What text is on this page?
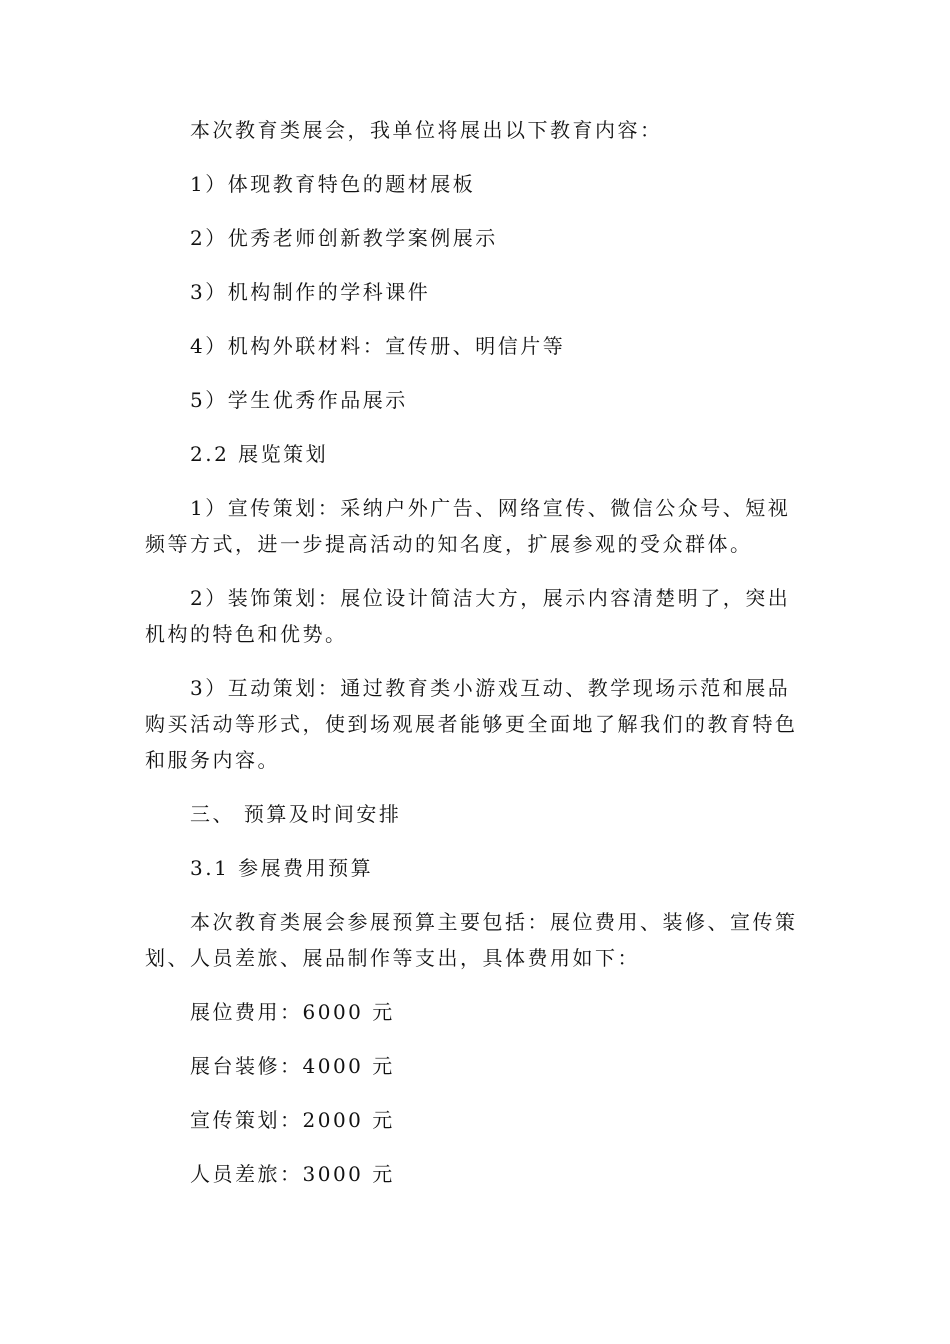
本次教育类展会，我单位将展出以下教育内容：

1）体现教育特色的题材展板

2）优秀老师创新教学案例展示

3）机构制作的学科课件

4）机构外联材料：宣传册、明信片等

5）学生优秀作品展示

2.2 展览策划

1）宣传策划：采纳户外广告、网络宣传、微信公众号、短视频等方式，进一步提高活动的知名度，扩展参观的受众群体。

2）装饰策划：展位设计简洁大方，展示内容清楚明了，突出机构的特色和优势。

3）互动策划：通过教育类小游戏互动、教学现场示范和展品购买活动等形式，使到场观展者能够更全面地了解我们的教育特色和服务内容。

三、 预算及时间安排

3.1 参展费用预算

本次教育类展会参展预算主要包括：展位费用、装修、宣传策划、人员差旅、展品制作等支出，具体费用如下：

展位费用：6000 元

展台装修：4000 元

宣传策划：2000 元

人员差旅：3000 元
